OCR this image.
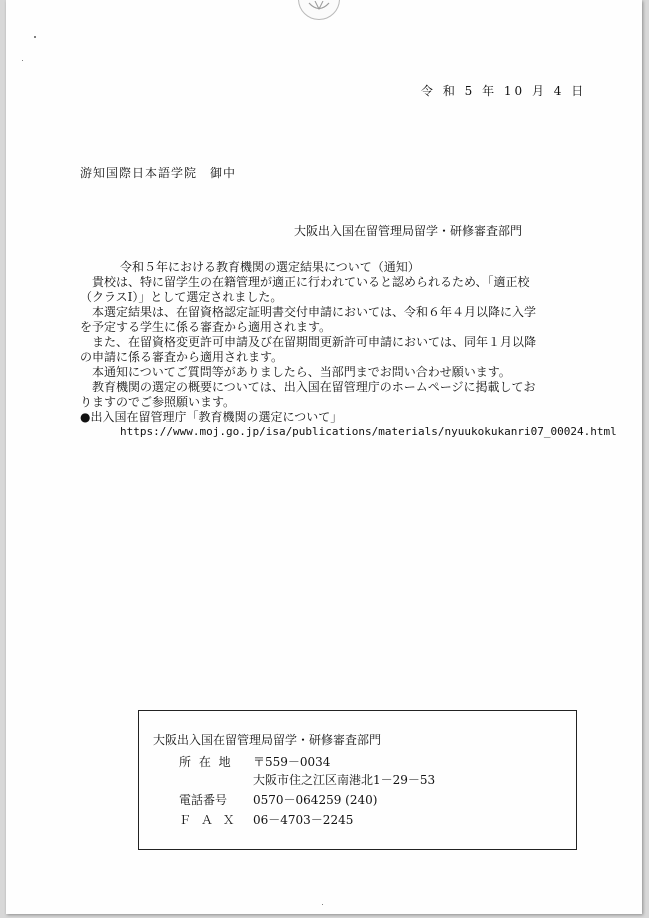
令 和 5 年 10 月 4 日
游知国際日本語学院　御中
大阪出入国在留管理局留学・研修審査部門
令和５年における教育機関の選定結果について（通知）
　貴校は、特に留学生の在籍管理が適正に行われていると認められるため、「適正校
（クラスⅠ）」として選定されました。
　本選定結果は、在留資格認定証明書交付申請においては、令和６年４月以降に入学
を予定する学生に係る審査から適用されます。
　また、在留資格変更許可申請及び在留期間更新許可申請においては、同年１月以降
の申請に係る審査から適用されます。
　本通知についてご質問等がありましたら、当部門までお問い合わせ願います。
　教育機関の選定の概要については、出入国在留管理庁のホームページに掲載してお
りますのでご参照願います。
●出入国在留管理庁「教育機関の選定について」
https://www.moj.go.jp/isa/publications/materials/nyuukokukanri07_00024.html
大阪出入国在留管理局留学・研修審査部門
所 在 地 〒559－0034
大阪市住之江区南港北1－29－53
電話番号 0570－064259 (240)
Ｆ Ａ Ｘ 06－4703－2245
